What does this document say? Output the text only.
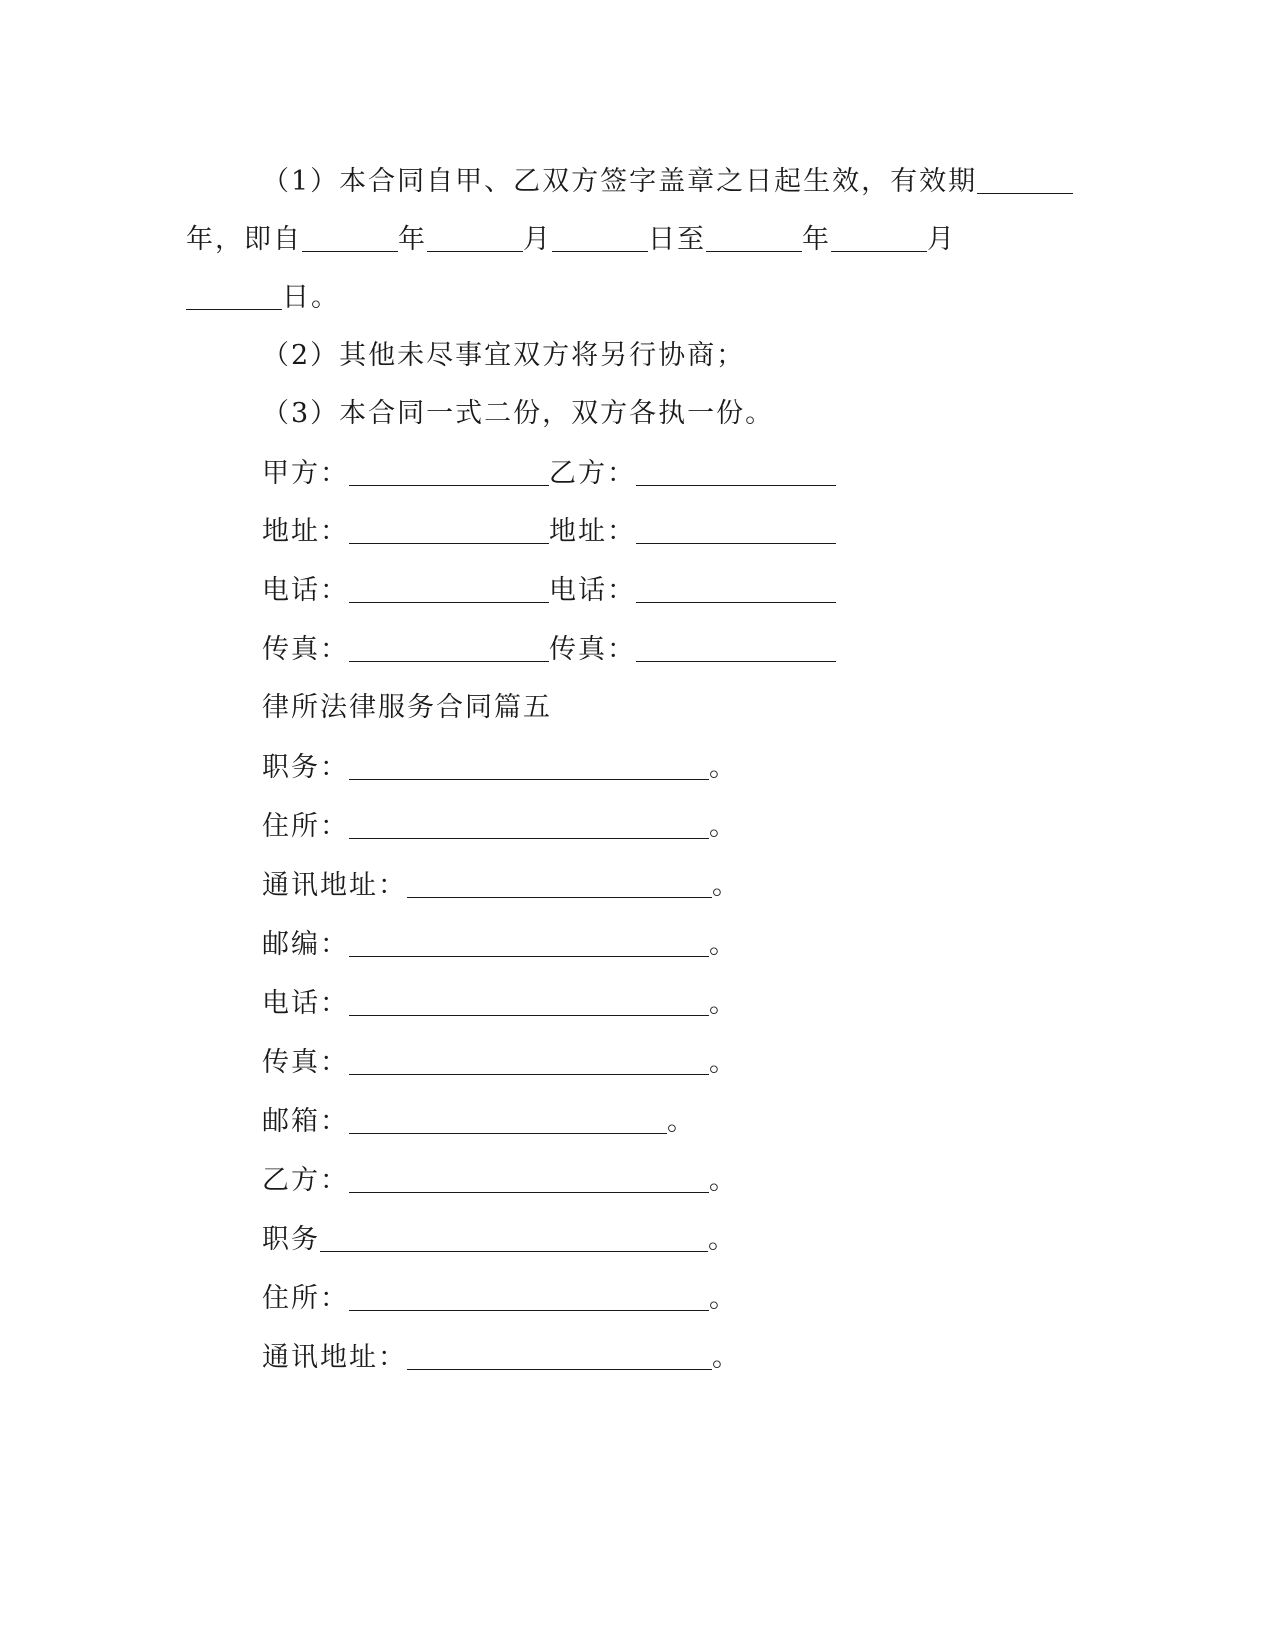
（1）本合同自甲、乙双方签字盖章之日起生效，有效期
年，即自	年	月	日至	年	月
日。
（2）其他未尽事宜双方将另行协商；
（3）本合同一式二份，双方各执一份。
甲方：	乙方：
地址：	地址：
电话：	电话：
传真：	传真：
律所法律服务合同篇五
职务：	。
住所：	。
通讯地址：	。
邮编：	。
电话：	。
传真：	。
邮箱：	。
乙方：	。
职务	。
住所：	。
通讯地址：	。
